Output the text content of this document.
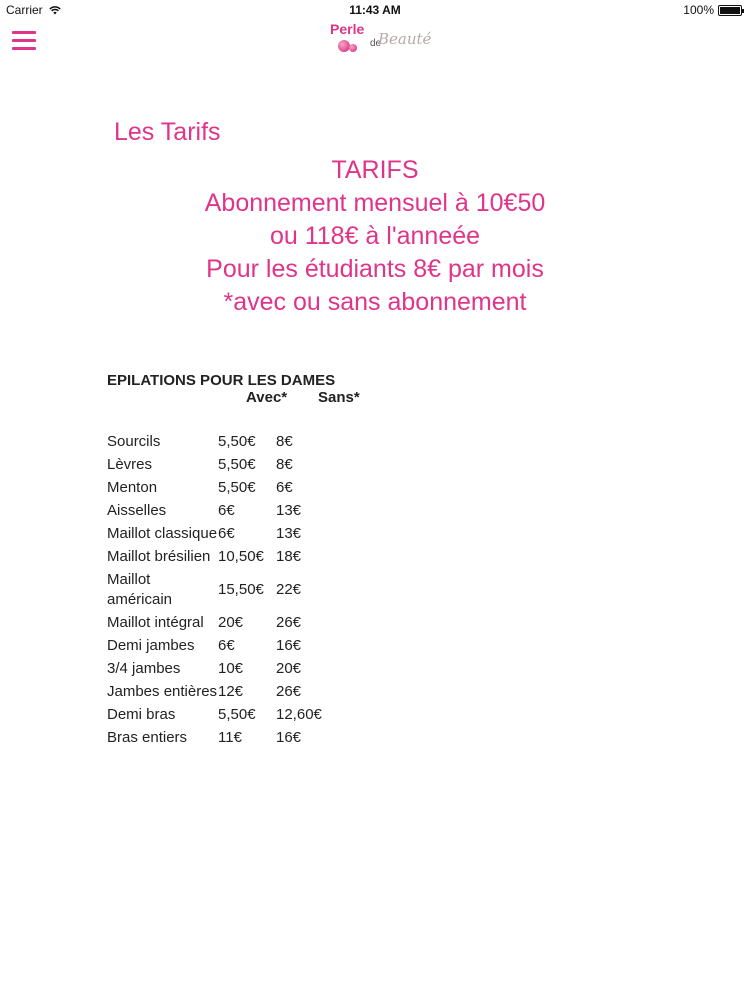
Carrier	11:43 AM	100%
Perle
de
Beauté
Les Tarifs
TARIFS
Abonnement mensuel à 10€50
ou 118€ à l'anneée
Pour les étudiants 8€ par mois
*avec ou sans abonnement

EPILATIONS POUR LES DAMES

Avec* Sans*
Sourcils	5,50€	8€
Lèvres	5,50€	8€
Menton	5,50€	6€
Aisselles	6€	13€
Maillot classique	6€	13€
Maillot brésilien	10,50€	18€
Maillot américain	15,50€	22€
Maillot intégral	20€	26€
Demi jambes	6€	16€
3/4 jambes	10€	20€
Jambes entières	12€	26€
Demi bras	5,50€	12,60€
Bras entiers	11€	16€
